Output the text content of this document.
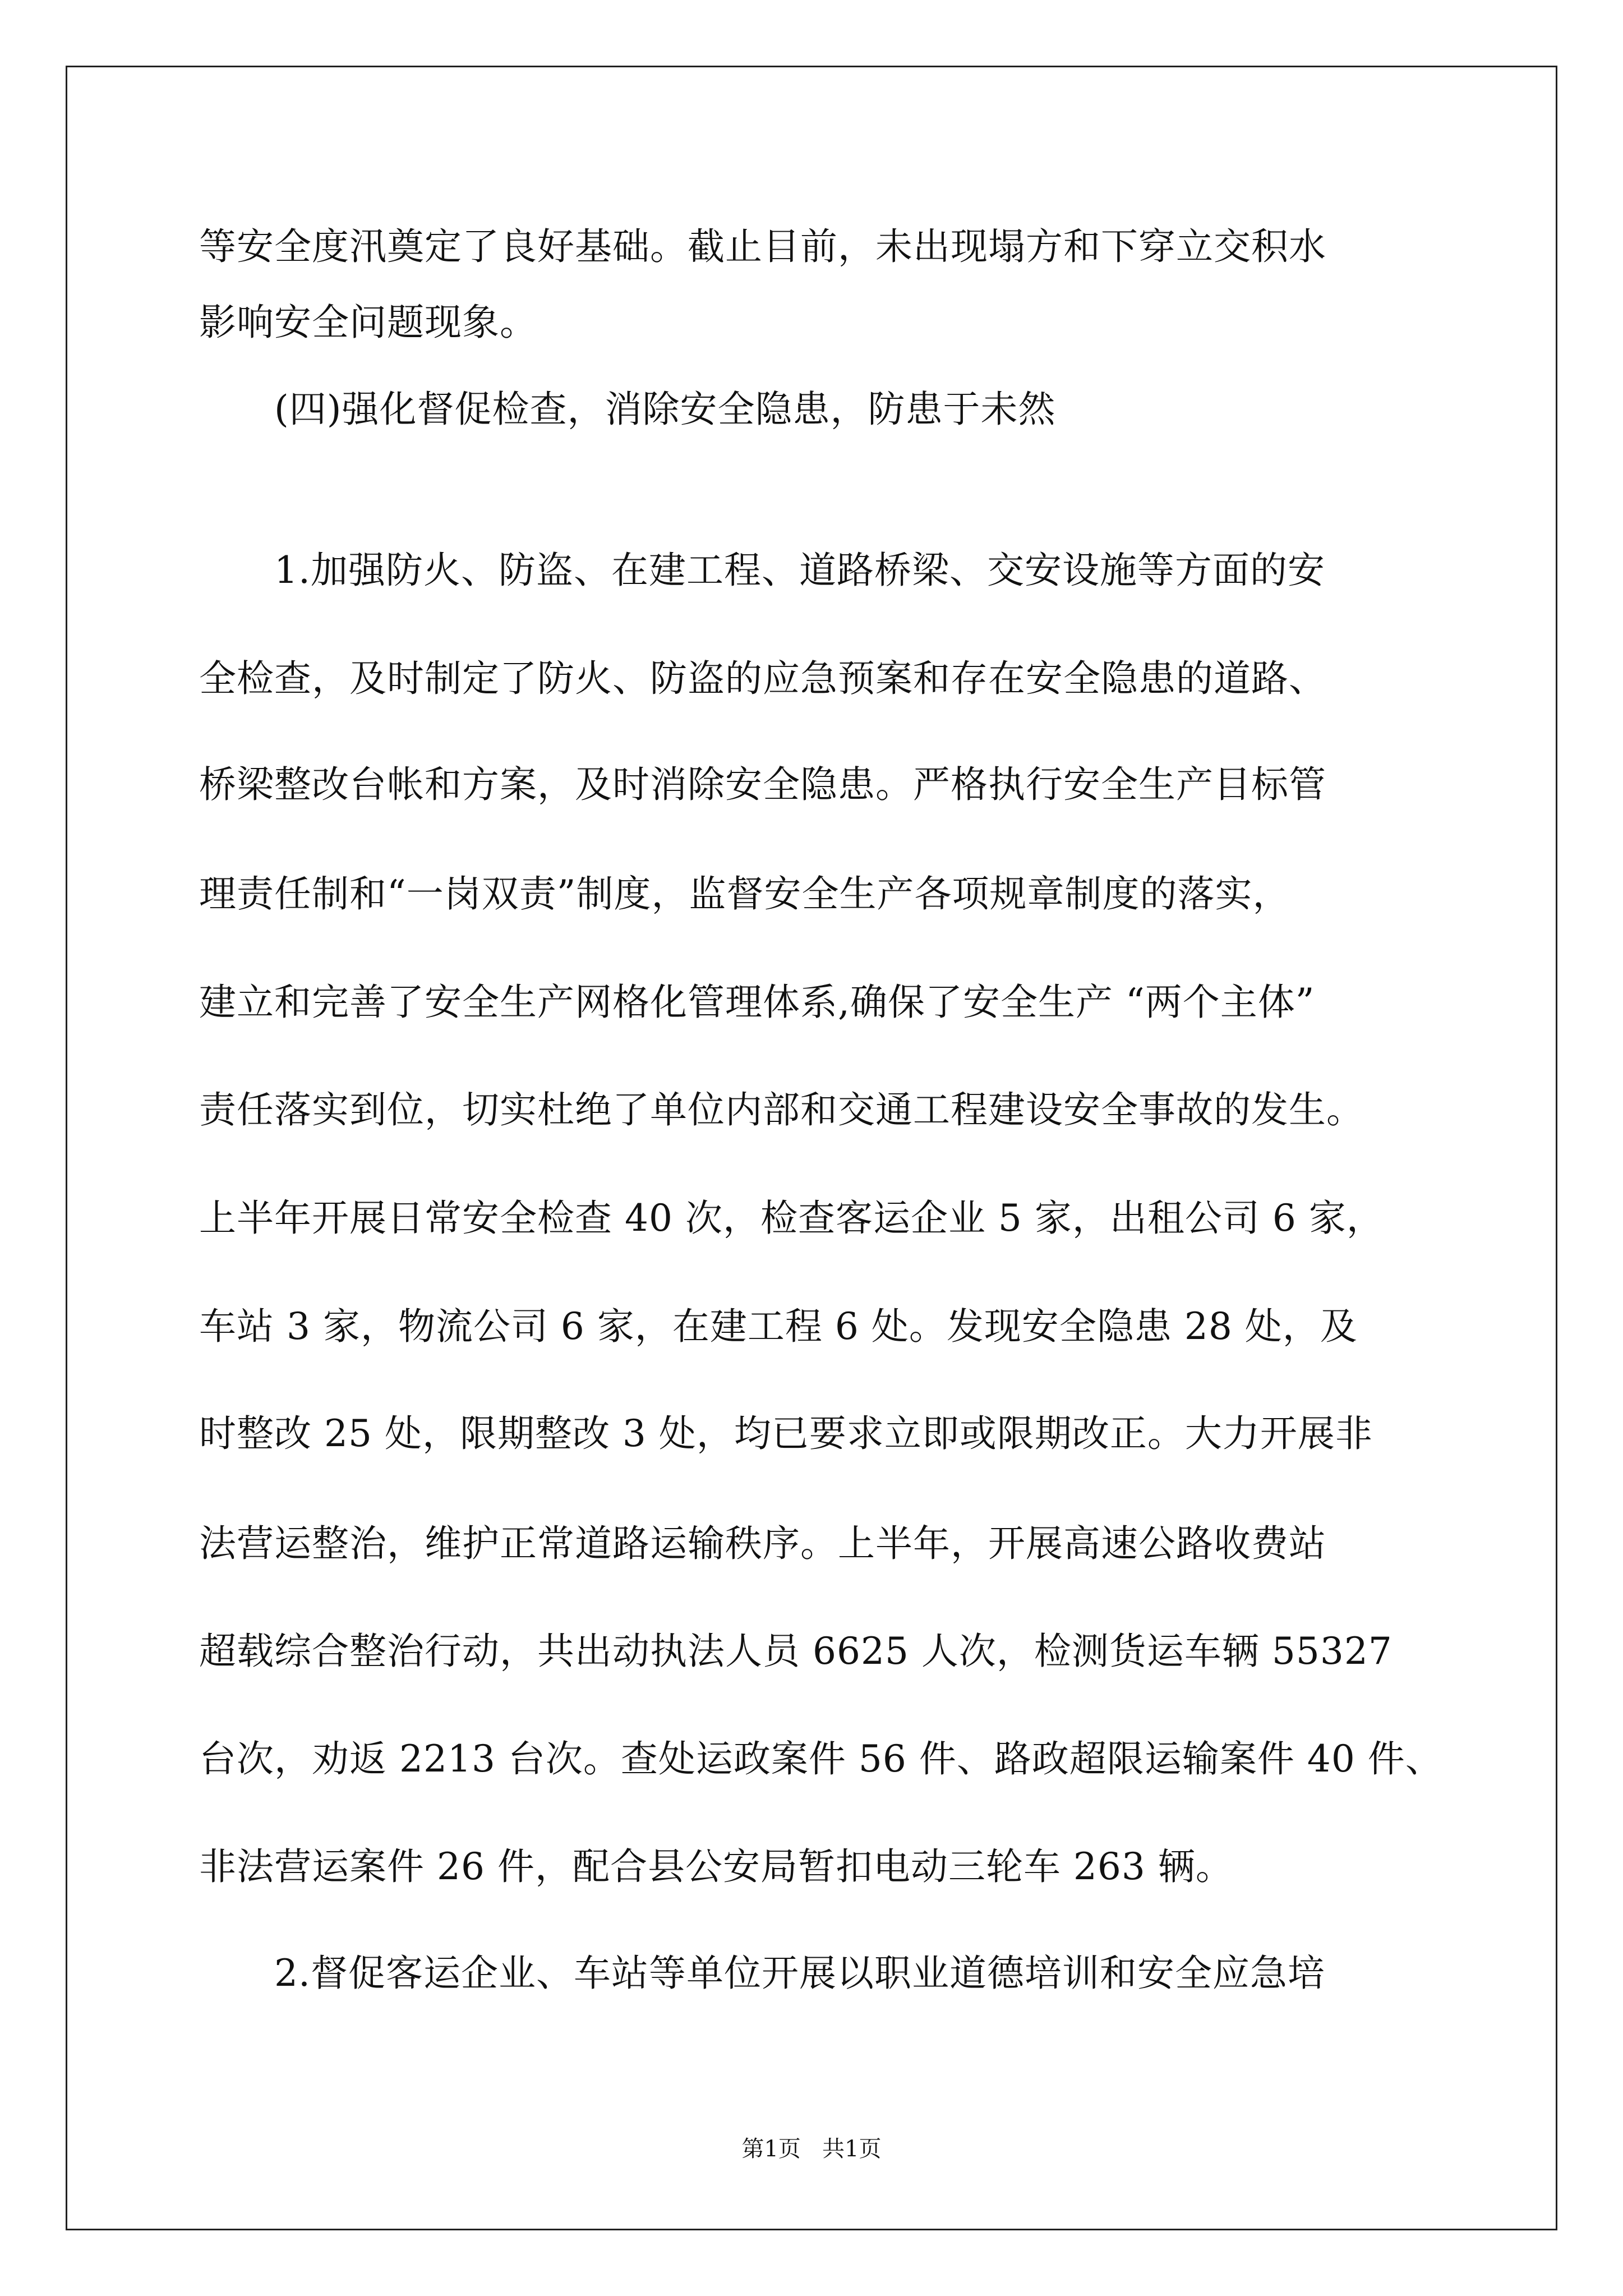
等安全度汛奠定了良好基础。截止目前，未出现塌方和下穿立交积水
影响安全问题现象。
(四)强化督促检查，消除安全隐患，防患于未然
1.加强防火、防盗、在建工程、道路桥梁、交安设施等方面的安
全检查，及时制定了防火、防盗的应急预案和存在安全隐患的道路、
桥梁整改台帐和方案，及时消除安全隐患。严格执行安全生产目标管
理责任制和“一岗双责”制度，监督安全生产各项规章制度的落实，
建立和完善了安全生产网格化管理体系,确保了安全生产 “两个主体”
责任落实到位，切实杜绝了单位内部和交通工程建设安全事故的发生。
上半年开展日常安全检查 40 次，检查客运企业 5 家，出租公司 6 家，
车站 3 家，物流公司 6 家，在建工程 6 处。发现安全隐患 28 处，及
时整改 25 处，限期整改 3 处，均已要求立即或限期改正。大力开展非
法营运整治，维护正常道路运输秩序。上半年，开展高速公路收费站
超载综合整治行动，共出动执法人员 6625 人次，检测货运车辆 55327
台次，劝返 2213 台次。查处运政案件 56 件、路政超限运输案件 40 件、
非法营运案件 26 件，配合县公安局暂扣电动三轮车 263 辆。
2.督促客运企业、车站等单位开展以职业道德培训和安全应急培
第1页   共1页
